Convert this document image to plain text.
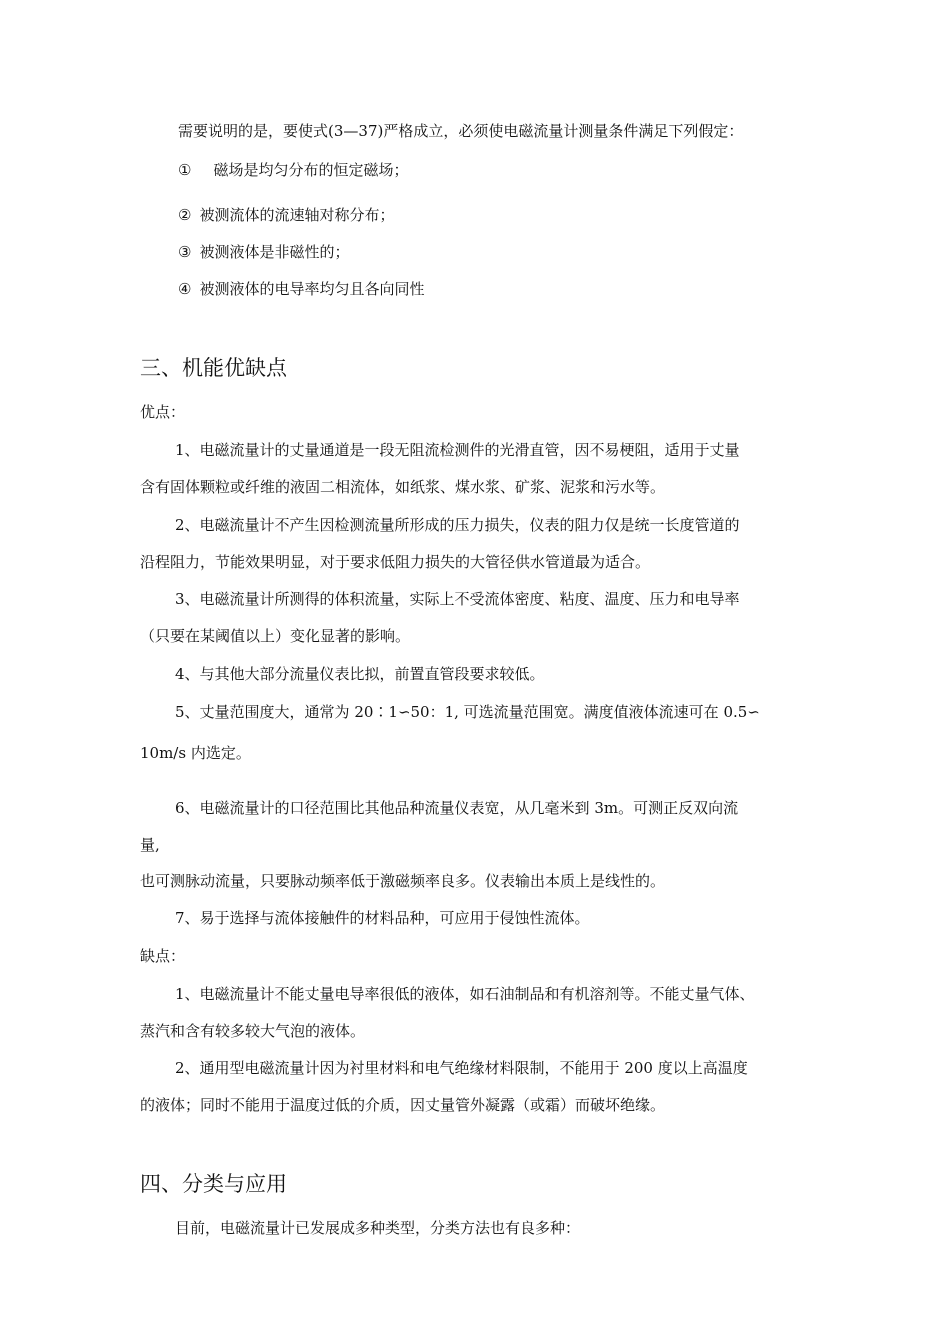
需要说明的是，要使式(3—37)严格成立，必须使电磁流量计测量条件满足下列假定：
① 磁场是均匀分布的恒定磁场；
② 被测流体的流速轴对称分布；
③ 被测液体是非磁性的；
④ 被测液体的电导率均匀且各向同性
三、机能优缺点
优点：
1、电磁流量计的丈量通道是一段无阻流检测件的光滑直管，因不易梗阻，适用于丈量
含有固体颗粒或纤维的液固二相流体，如纸浆、煤水浆、矿浆、泥浆和污水等。
2、电磁流量计不产生因检测流量所形成的压力损失，仪表的阻力仅是统一长度管道的
沿程阻力，节能效果明显，对于要求低阻力损失的大管径供水管道最为适合。
3、电磁流量计所测得的体积流量，实际上不受流体密度、粘度、温度、压力和电导率
（只要在某阈值以上）变化显著的影响。
4、与其他大部分流量仪表比拟，前置直管段要求较低。
5、丈量范围度大，通常为 20∶1∽50：1, 可选流量范围宽。满度值液体流速可在 0.5∽
10m/s 内选定。
6、电磁流量计的口径范围比其他品种流量仪表宽，从几毫米到 3m。可测正反双向流
量,
也可测脉动流量，只要脉动频率低于激磁频率良多。仪表输出本质上是线性的。
7、易于选择与流体接触件的材料品种，可应用于侵蚀性流体。
缺点：
1、电磁流量计不能丈量电导率很低的液体，如石油制品和有机溶剂等。不能丈量气体、
蒸汽和含有较多较大气泡的液体。
2、通用型电磁流量计因为衬里材料和电气绝缘材料限制，不能用于 200 度以上高温度
的液体；同时不能用于温度过低的介质，因丈量管外凝露（或霜）而破坏绝缘。
四、分类与应用
目前，电磁流量计已发展成多种类型，分类方法也有良多种：
